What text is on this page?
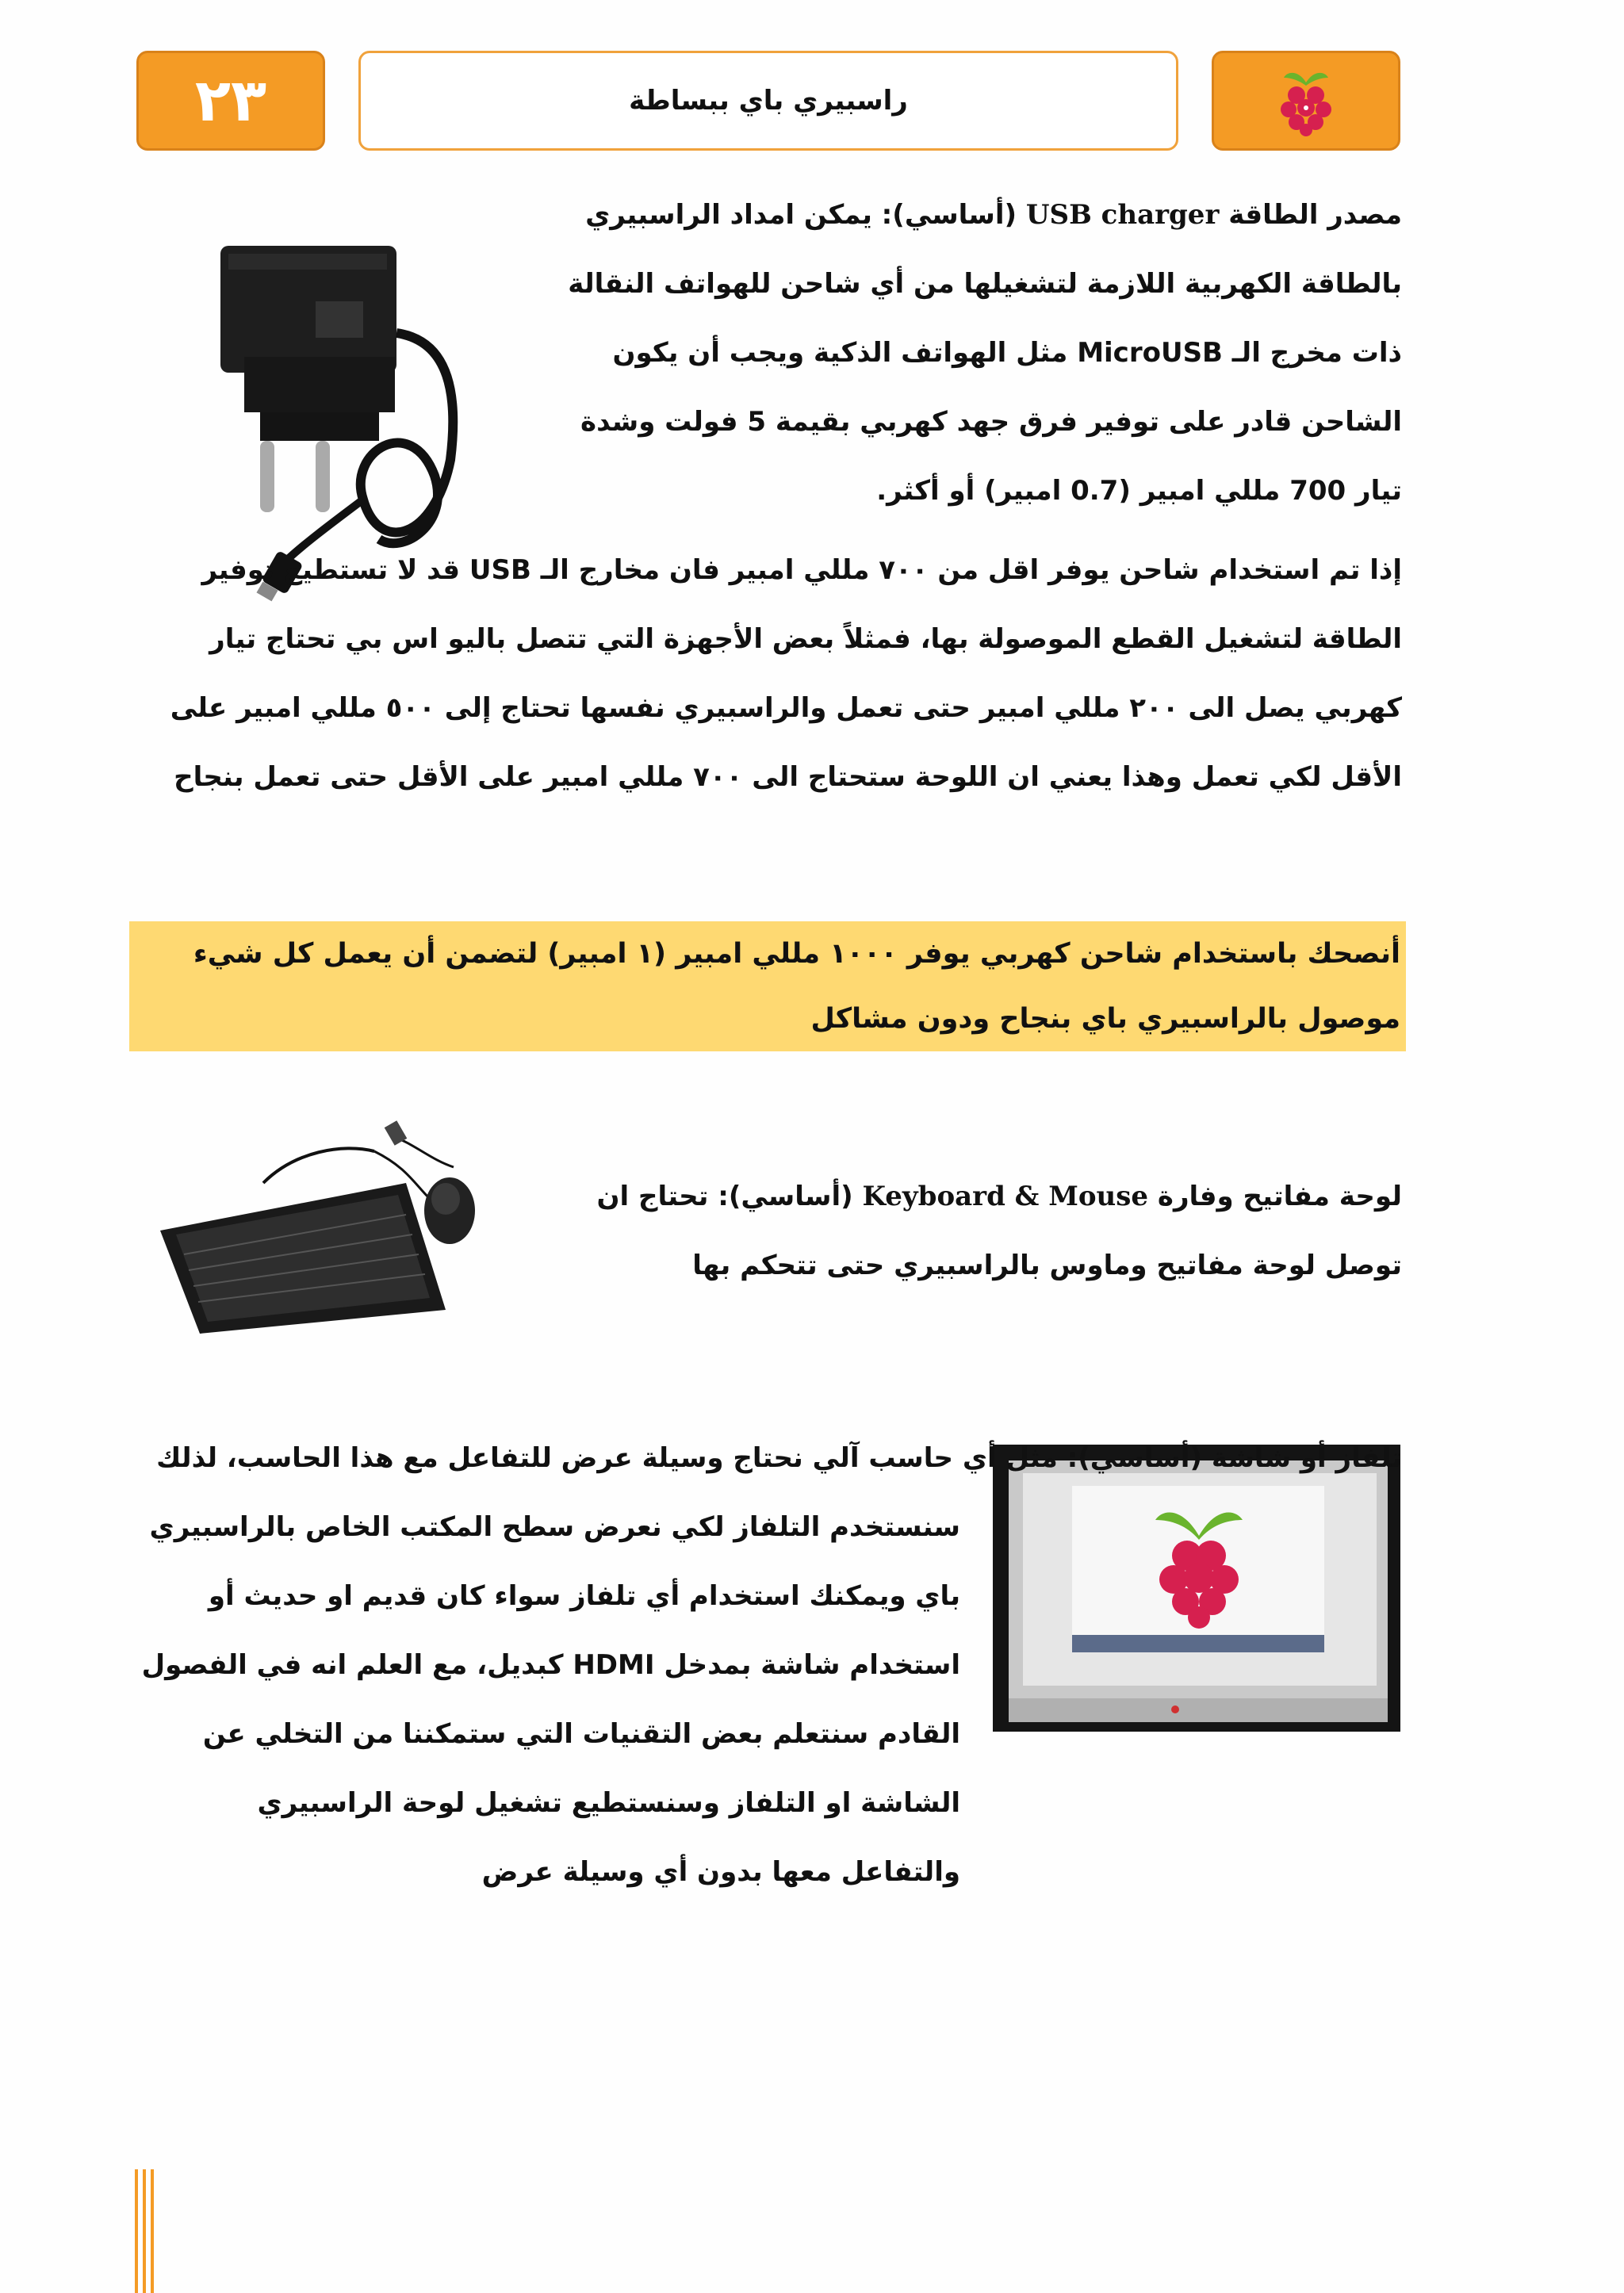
٢٣	راسبيري باي ببساطة

مصدر الطاقة USB charger (أساسي): يمكن امداد الراسبيري بالطاقة الكهربية اللازمة لتشغيلها من أي شاحن للهواتف النقالة ذات مخرج الـ MicroUSB مثل الهواتف الذكية ويجب أن يكون الشاحن قادر على توفير فرق جهد كهربي بقيمة 5 فولت وشدة تيار 700 مللي امبير (0.7 امبير) أو أكثر.

إذا تم استخدام شاحن يوفر اقل من ٧٠٠ مللي امبير فان مخارج الـ USB قد لا تستطيع توفير الطاقة لتشغيل القطع الموصولة بها، فمثلاً بعض الأجهزة التي تتصل باليو اس بي تحتاج تيار كهربي يصل الى ٢٠٠ مللي امبير حتى تعمل والراسبيري نفسها تحتاج إلى ٥٠٠ مللي امبير على الأقل لكي تعمل وهذا يعني ان اللوحة ستحتاج الى ٧٠٠ مللي امبير على الأقل حتى تعمل بنجاح

أنصحك باستخدام شاحن كهربي يوفر ١٠٠٠ مللي امبير (١ امبير) لتضمن أن يعمل كل شيء موصول بالراسبيري باي بنجاح ودون مشاكل

لوحة مفاتيح وفارة Keyboard & Mouse (أساسي): تحتاج ان توصل لوحة مفاتيح وماوس بالراسبيري حتى تتحكم بها

تلفاز أو شاشة (أساسي): مثل أي حاسب آلي نحتاج وسيلة عرض للتفاعل مع هذا الحاسب، لذلك سنستخدم التلفاز لكي نعرض سطح المكتب الخاص بالراسبيري باي ويمكنك استخدام أي تلفاز سواء كان قديم او حديث أو استخدام شاشة بمدخل HDMI كبديل، مع العلم انه في الفصول القادم سنتعلم بعض التقنيات التي ستمكننا من التخلي عن الشاشة او التلفاز وسنستطيع تشغيل لوحة الراسبيري والتفاعل معها بدون أي وسيلة عرض
